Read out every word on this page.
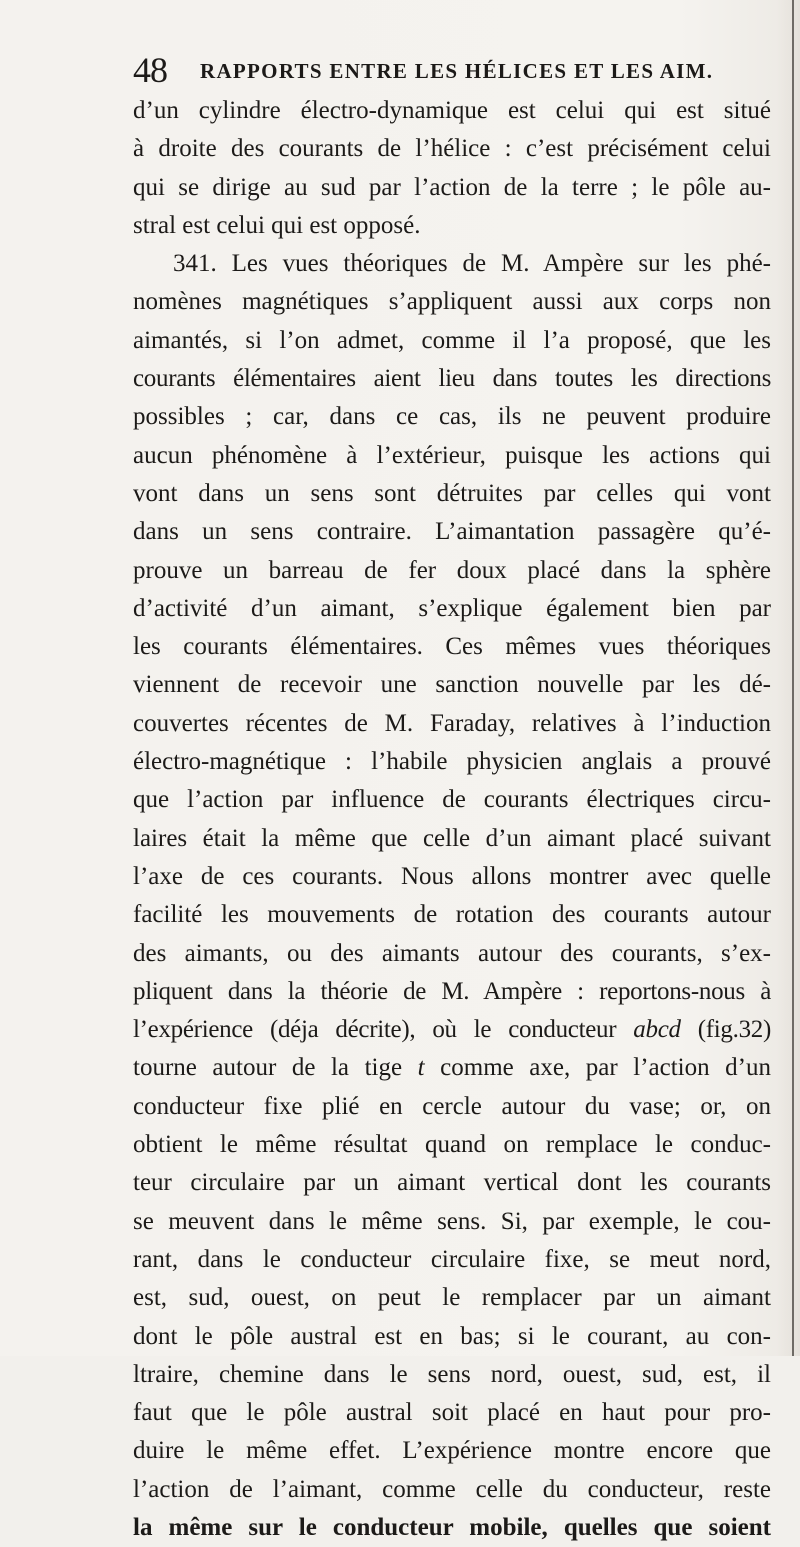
48 RAPPORTS ENTRE LES HÉLICES ET LES AIM.
d’un cylindre électro-dynamique est celui qui est situé
à droite des courants de l’hélice : c’est précisément celui
qui se dirige au sud par l’action de la terre ; le pôle au-
stral est celui qui est opposé.
341. Les vues théoriques de M. Ampère sur les phé-
nomènes magnétiques s’appliquent aussi aux corps non
aimantés, si l’on admet, comme il l’a proposé, que les
courants élémentaires aient lieu dans toutes les directions
possibles ; car, dans ce cas, ils ne peuvent produire
aucun phénomène à l’extérieur, puisque les actions qui
vont dans un sens sont détruites par celles qui vont
dans un sens contraire. L’aimantation passagère qu’é-
prouve un barreau de fer doux placé dans la sphère
d’activité d’un aimant, s’explique également bien par
les courants élémentaires. Ces mêmes vues théoriques
viennent de recevoir une sanction nouvelle par les dé-
couvertes récentes de M. Faraday, relatives à l’induction
électro-magnétique : l’habile physicien anglais a prouvé
que l’action par influence de courants électriques circu-
laires était la même que celle d’un aimant placé suivant
l’axe de ces courants. Nous allons montrer avec quelle
facilité les mouvements de rotation des courants autour
des aimants, ou des aimants autour des courants, s’ex-
pliquent dans la théorie de M. Ampère : reportons-nous à
l’expérience (déja décrite), où le conducteur abcd (fig.32)
tourne autour de la tige t comme axe, par l’action d’un
conducteur fixe plié en cercle autour du vase; or, on
obtient le même résultat quand on remplace le conduc-
teur circulaire par un aimant vertical dont les courants
se meuvent dans le même sens. Si, par exemple, le cou-
rant, dans le conducteur circulaire fixe, se meut nord,
est, sud, ouest, on peut le remplacer par un aimant
dont le pôle austral est en bas; si le courant, au con-
ltraire, chemine dans le sens nord, ouest, sud, est, il
faut que le pôle austral soit placé en haut pour pro-
duire le même effet. L’expérience montre encore que
l’action de l’aimant, comme celle du conducteur, reste
la même sur le conducteur mobile, quelles que soient
